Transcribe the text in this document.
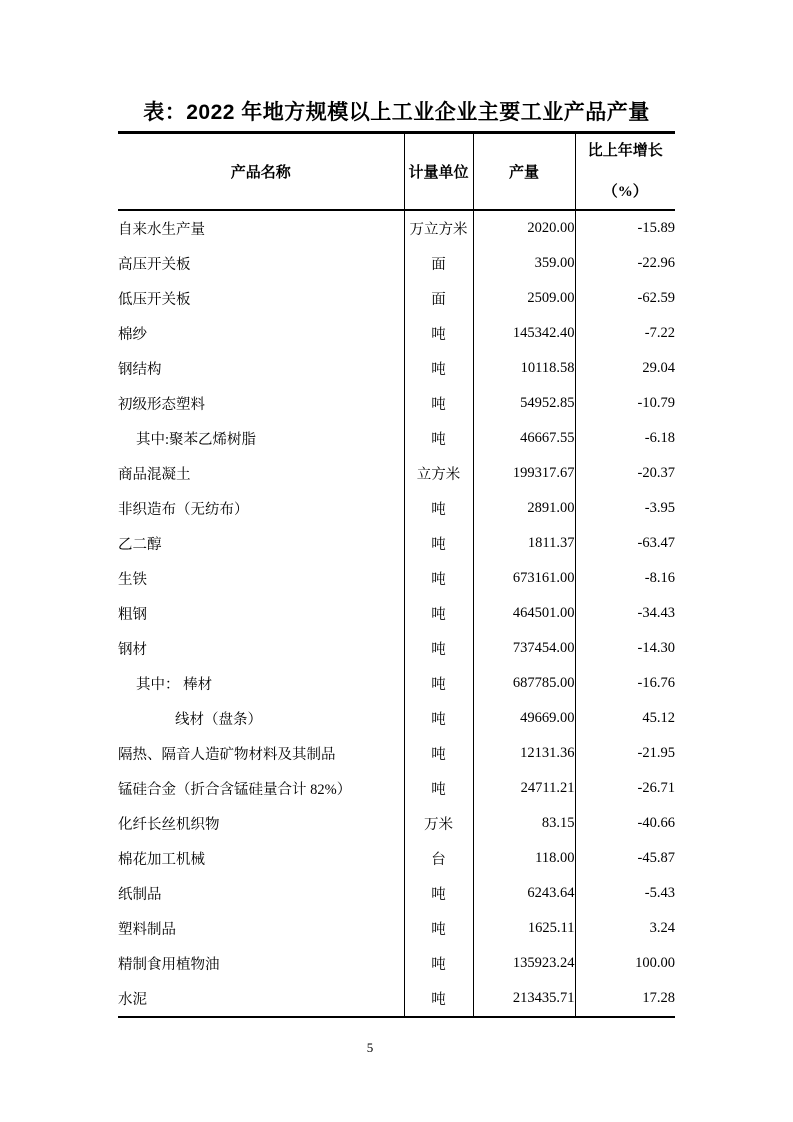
表：2022 年地方规模以上工业企业主要工业产品产量
产品名称	计量单位	产量	比上年增长
（%）

自来水生产量	万立方米	2020.00	-15.89
高压开关板	面	359.00	-22.96
低压开关板	面	2509.00	-62.59
棉纱	吨	145342.40	-7.22
钢结构	吨	10118.58	29.04
初级形态塑料	吨	54952.85	-10.79
其中:聚苯乙烯树脂	吨	46667.55	-6.18
商品混凝土	立方米	199317.67	-20.37
非织造布（无纺布）	吨	2891.00	-3.95
乙二醇	吨	1811.37	-63.47
生铁	吨	673161.00	-8.16
粗钢	吨	464501.00	-34.43
钢材	吨	737454.00	-14.30
其中： 棒材	吨	687785.00	-16.76
线材（盘条）	吨	49669.00	45.12
隔热、隔音人造矿物材料及其制品	吨	12131.36	-21.95
锰硅合金（折合含锰硅量合计 82%）	吨	24711.21	-26.71
化纤长丝机织物	万米	83.15	-40.66
棉花加工机械	台	118.00	-45.87
纸制品	吨	6243.64	-5.43
塑料制品	吨	1625.11	3.24
精制食用植物油	吨	135923.24	100.00
水泥	吨	213435.71	17.28
5
